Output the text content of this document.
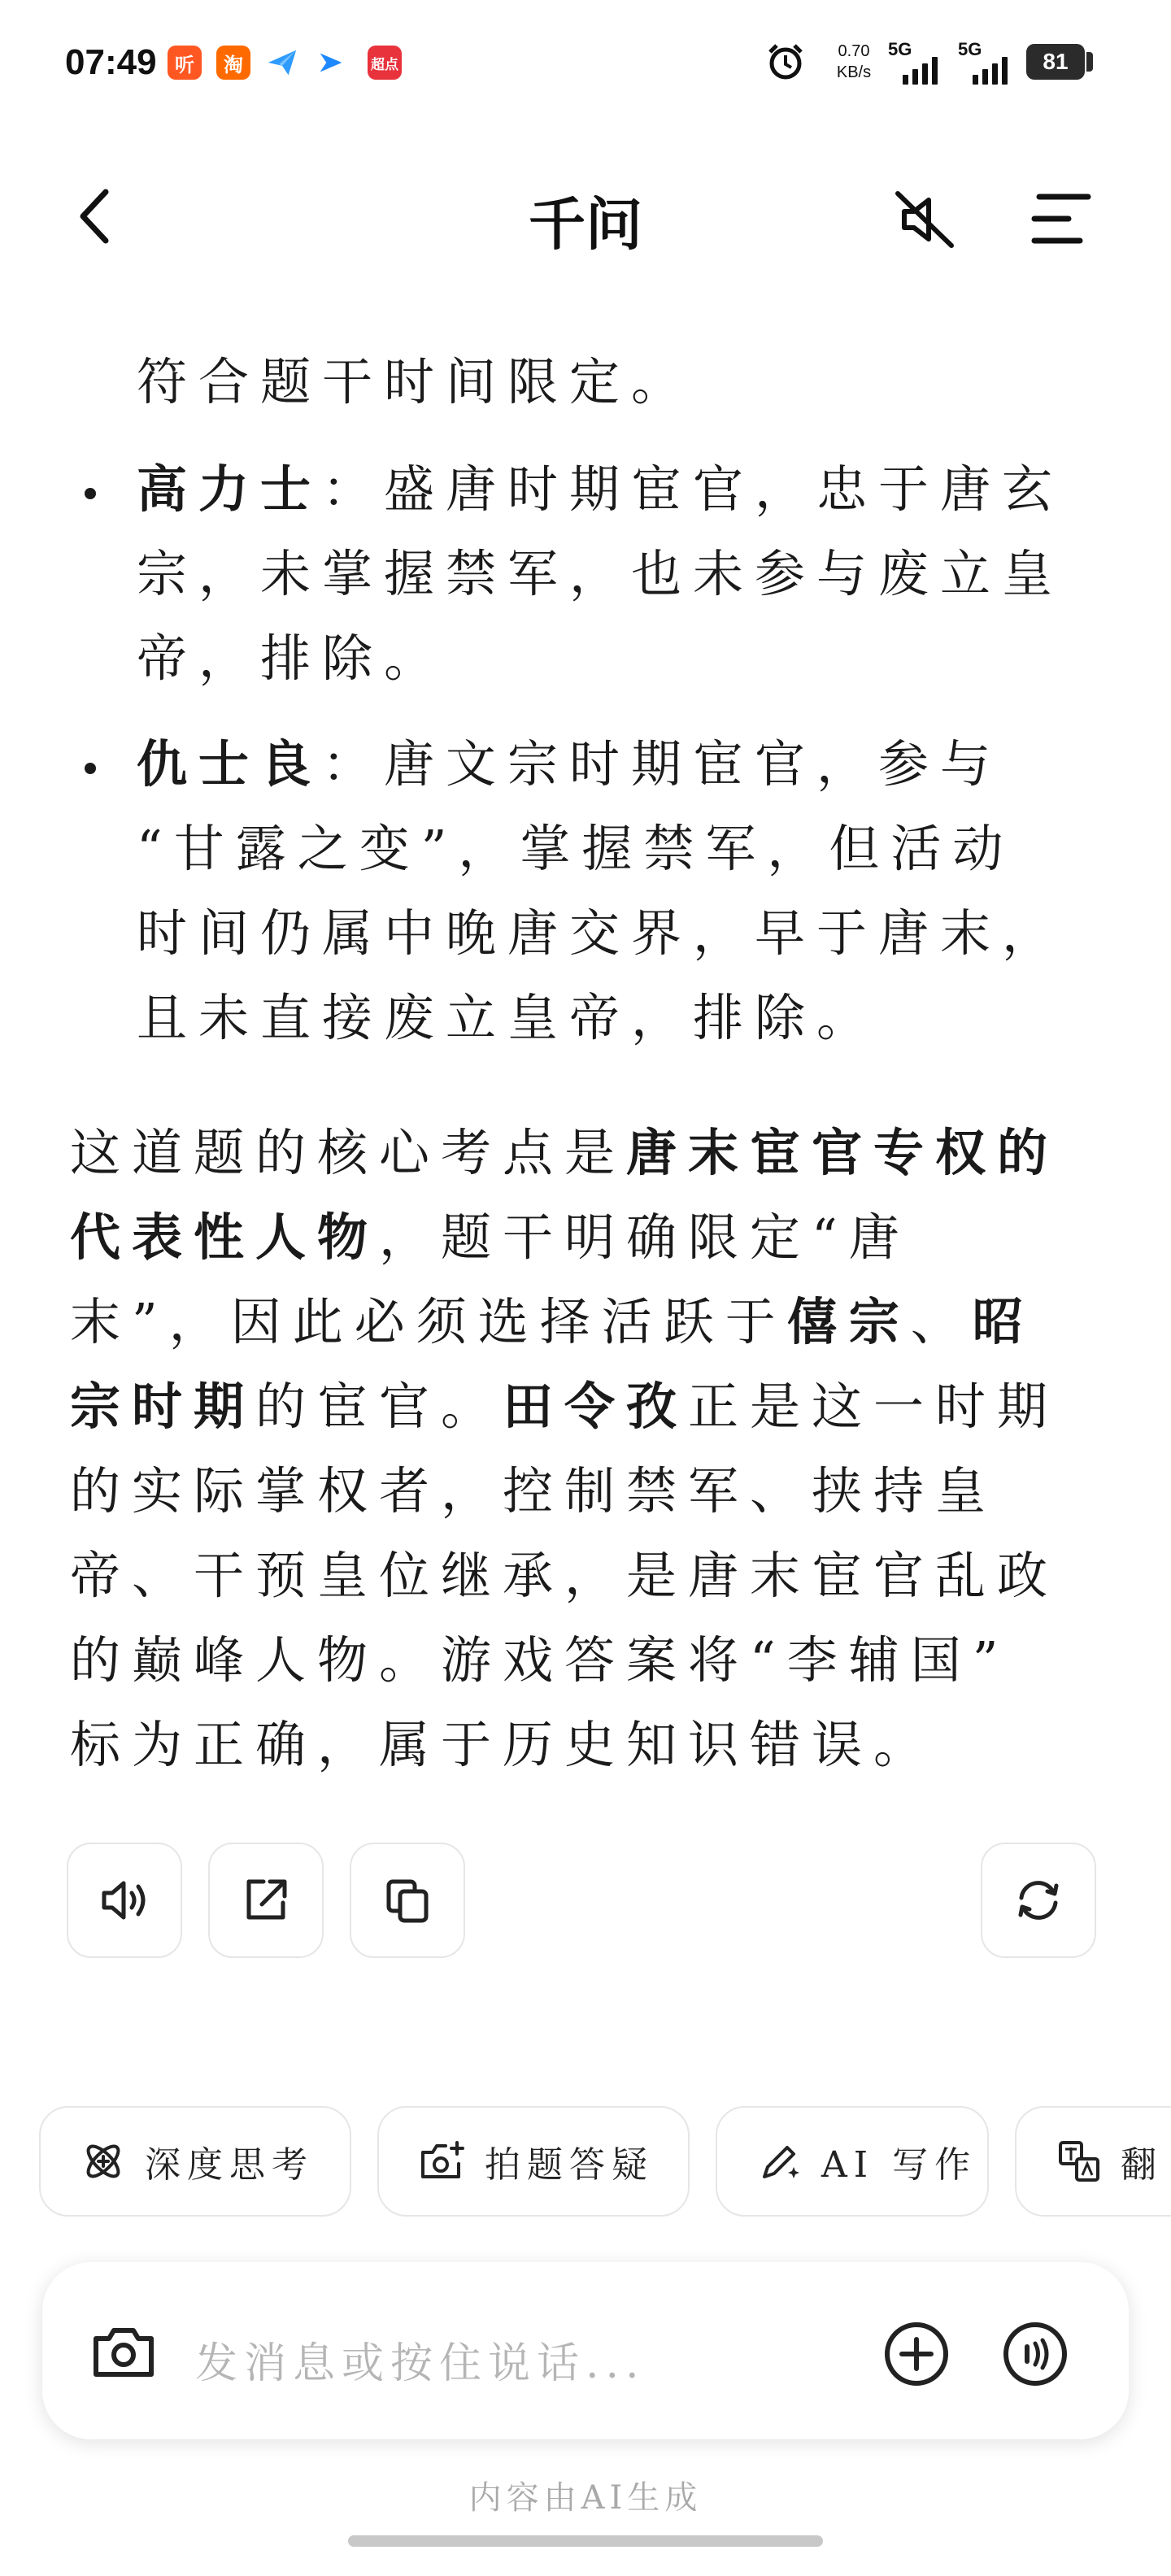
07:49 听	淘	超点
0.70
KB/s
5G	5G	81
千问
符合题干时间限定。
高力士：盛唐时期宦官，忠于唐玄
宗，未掌握禁军，也未参与废立皇
帝，排除。
仇士良：唐文宗时期宦官，参与
“甘露之变”，掌握禁军，但活动
时间仍属中晚唐交界，早于唐末，
且未直接废立皇帝，排除。
这道题的核心考点是唐末宦官专权的
代表性人物，题干明确限定“唐
末”，因此必须选择活跃于僖宗、昭
宗时期的宦官。田令孜正是这一时期
的实际掌权者，控制禁军、挟持皇
帝、干预皇位继承，是唐末宦官乱政
的巅峰人物。游戏答案将“李辅国”
标为正确，属于历史知识错误。
深度思考	拍题答疑	AI 写作	翻
发消息或按住说话...
内容由AI生成
